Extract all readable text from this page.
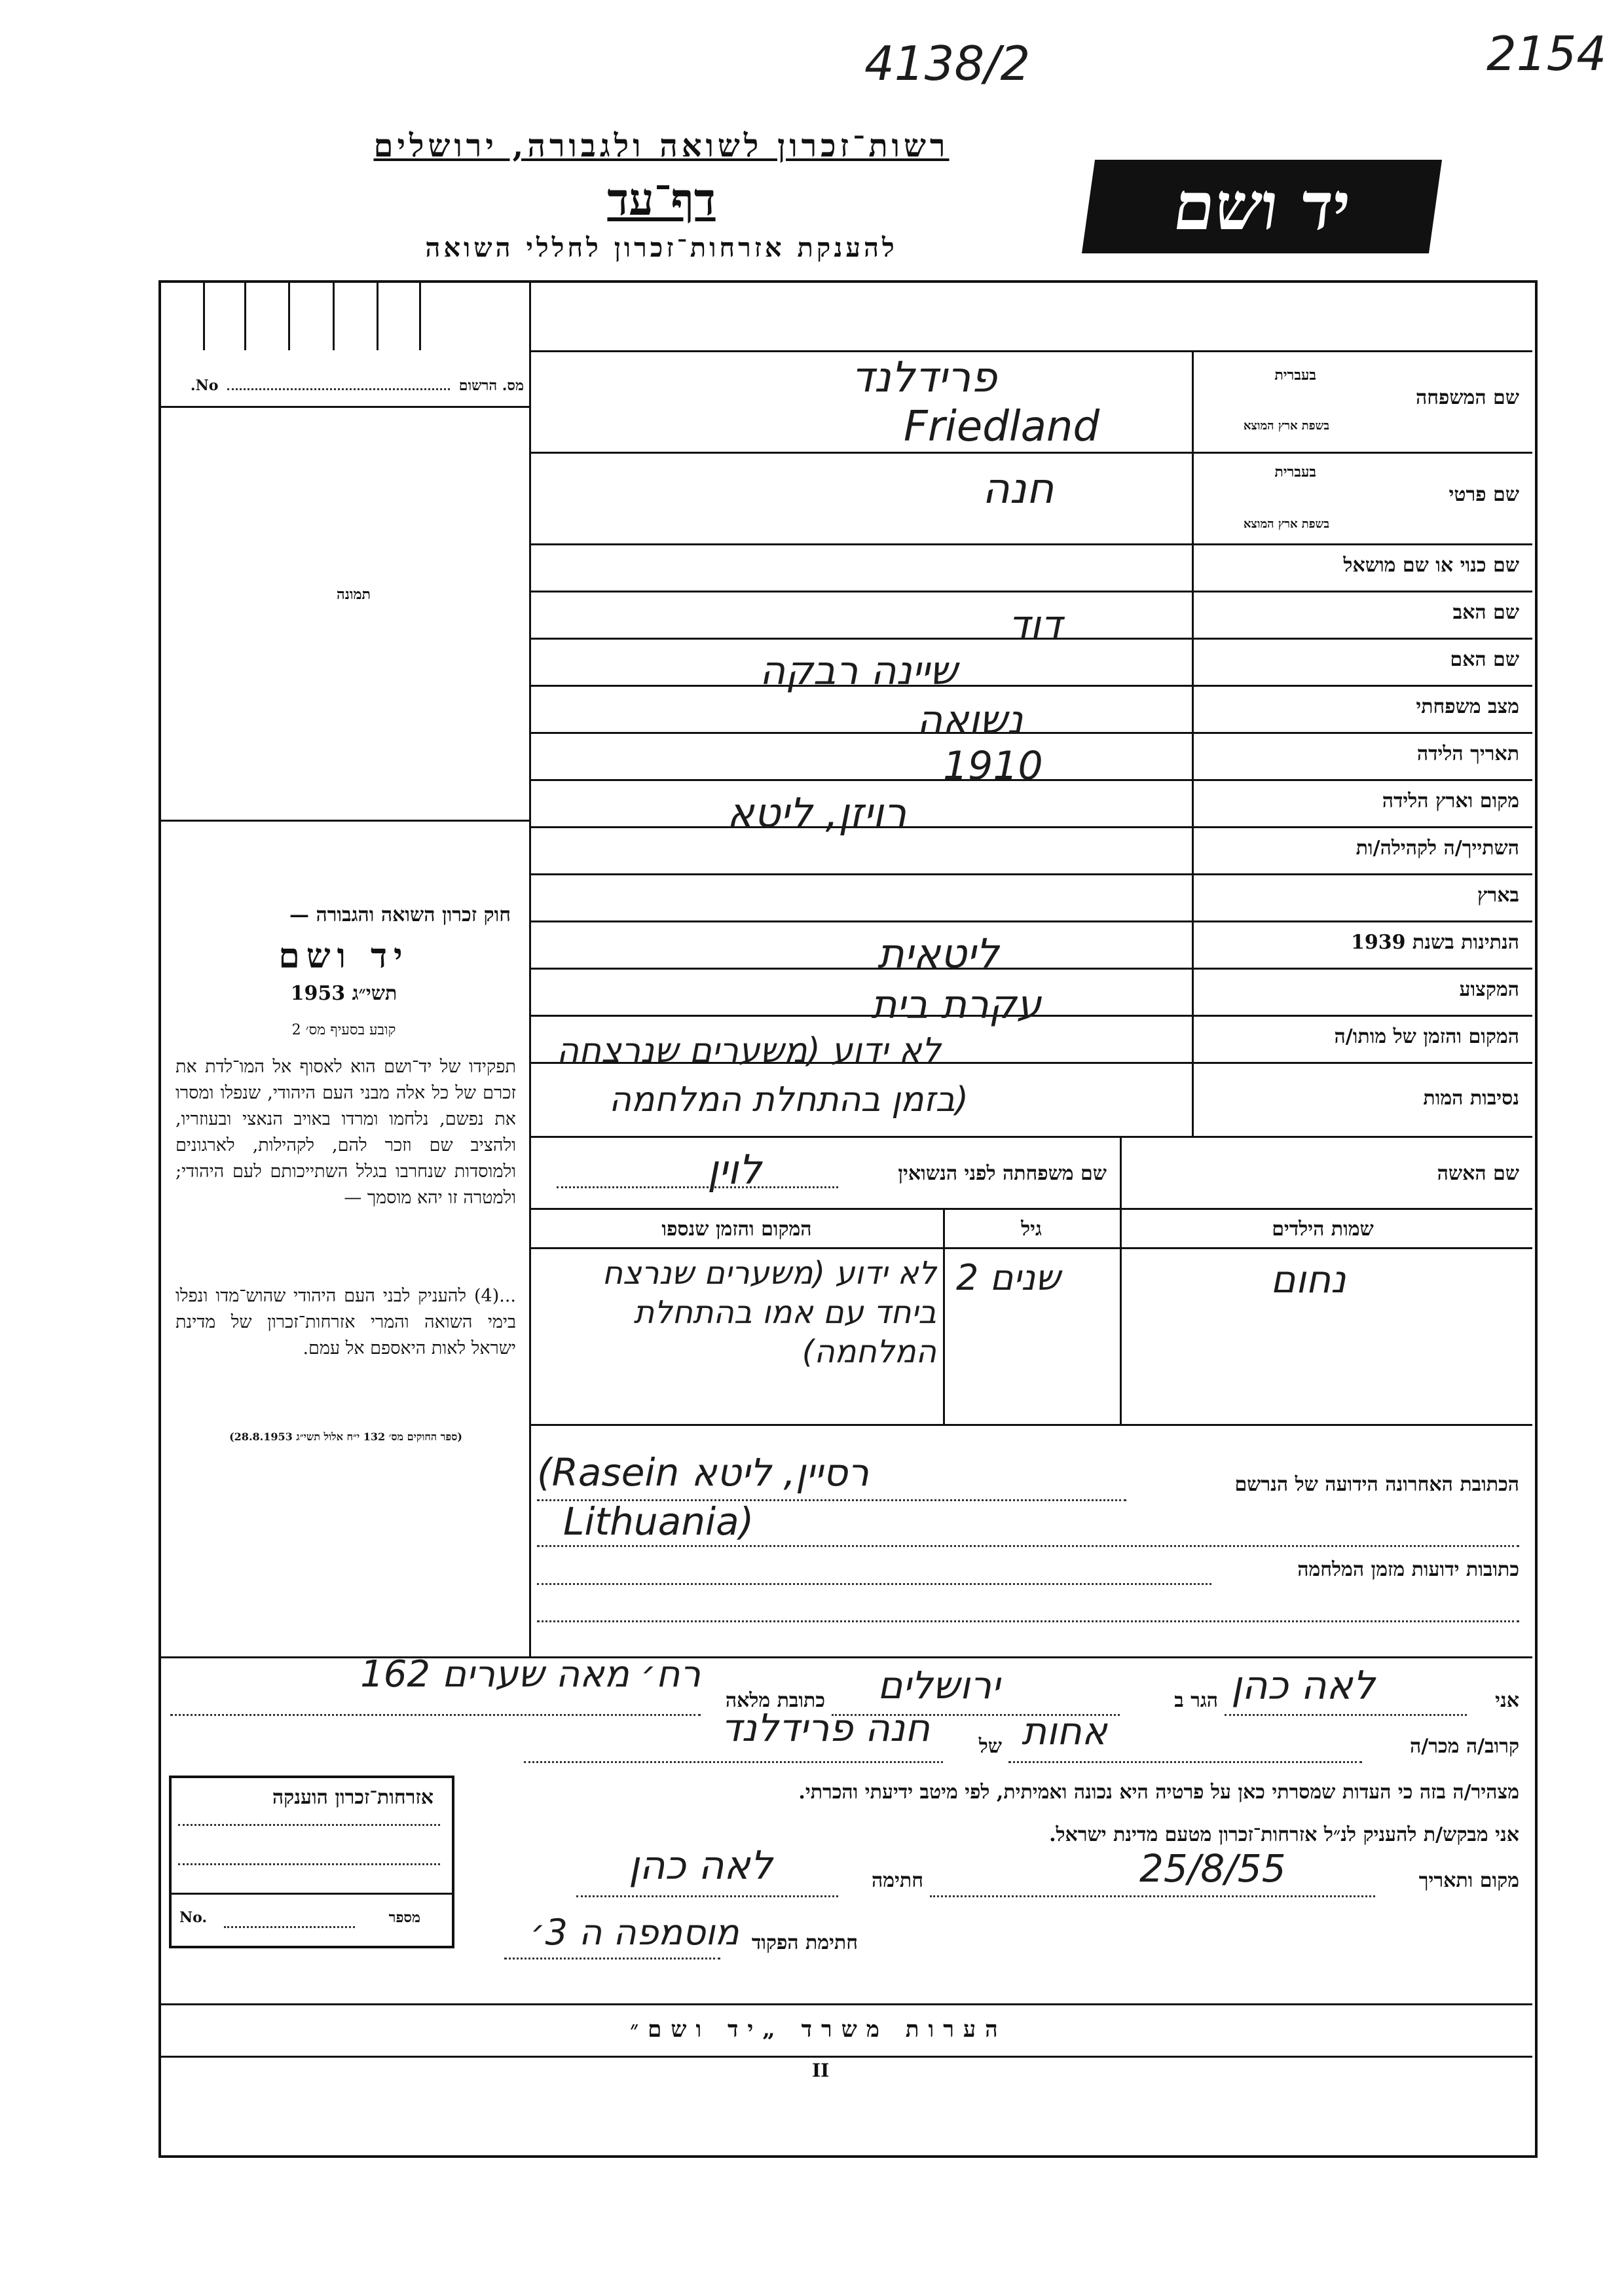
4138/2	2154
רשות־זכרון לשואה ולגבורה, ירושלים
דף־עד
להענקת אזרחות־זכרון לחללי השואה
יד ושם
מס. הרשום  No.
תמונה
חוק זכרון השואה והגבורה —
יד ושם
תשי״ג 1953
קובע בסעיף מס׳ 2
תפקידו של יד־ושם הוא לאסוף אל המו־לדת את זכרם של כל אלה מבני העם היהודי, שנפלו ומסרו את נפשם, נלחמו ומרדו באויב הנאצי ובעוזריו, ולהציב שם וזכר להם, לקהילות, לארגונים ולמוסדות שנחרבו בגלל השתייכותם לעם היהודי; ולמטרה זו יהא מוסמך —
...(4) להעניק לבני העם היהודי שהוש־מדו ונפלו בימי השואה והמרי אזרחות־זכרון של מדינת ישראל לאות היאספם אל עמם.
(ספר החוקים מס׳ 132 י״ח אלול תשי״ג 28.8.1953)
שם המשפחה
בעברית
בשפת ארץ המוצא
שם פרטי
בעברית
בשפת ארץ המוצא
שם כנוי או שם מושאל
שם האב
שם האם
מצב משפחתי
תאריך הלידה
מקום וארץ הלידה
השתייך/ה לקהילה/ות
בארץ
הנתינות בשנת 1939
המקצוע
המקום והזמן של מותו/ה
נסיבות המות
פרידלנד
Friedland
חנה
דוד
שיינה רבקה
נשואה
1910
רויזן, ליטא
ליטאית
עקרת בית
לא ידוע (משערים שנרצחה
בזמן בהתחלת המלחמה)
שם האשה
שם משפחתה לפני הנשואין
לוין
שמות הילדים
גיל
המקום והזמן שנספו
נחום
2 שנים
לא ידוע (משערים שנרצח ביחד עם אמו בהתחלת המלחמה)
הכתובת האחרונה הידועה של הנרשם
(Rasein רסיין, ליטא
Lithuania)
כתובות ידועות מזמן המלחמה
אני
לאה כהן
הגר ב
ירושלים
כתובת מלאה
רח׳ מאה שערים 162
קרוב/ה מכר/ה
אחות
של
חנה פרידלנד
מצהיר/ה בזה כי העדות שמסרתי כאן על פרטיה היא נכונה ואמיתית, לפי מיטב ידיעתי והכרתי.
אני מבקש/ת להעניק לנ״ל אזרחות־זכרון מטעם מדינת ישראל.
מקום ותאריך
25/8/55
חתימה
לאה כהן
חתימת הפקוד
מוסמפה ה 3׳
אזרחות־זכרון הוענקה
No.	מספר
הערות משרד „יד ושם״
II
